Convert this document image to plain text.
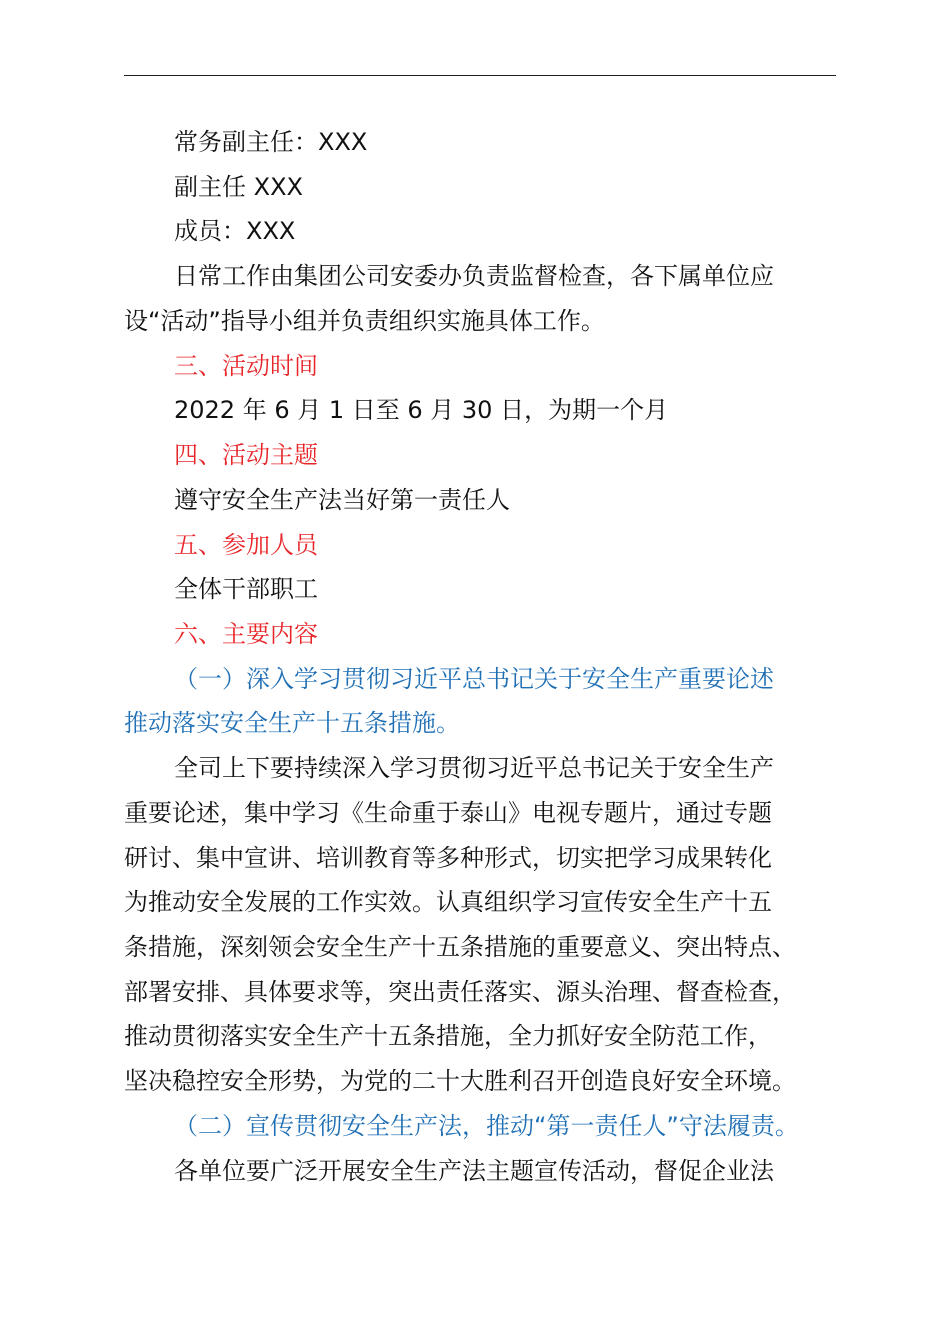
常务副主任：XXX
副主任 XXX
成员：XXX
日常工作由集团公司安委办负责监督检查，各下属单位应
设“活动”指导小组并负责组织实施具体工作。
三、活动时间
2022 年 6 月 1 日至 6 月 30 日，为期一个月
四、活动主题
遵守安全生产法当好第一责任人
五、参加人员
全体干部职工
六、主要内容
（一）深入学习贯彻习近平总书记关于安全生产重要论述
推动落实安全生产十五条措施。
全司上下要持续深入学习贯彻习近平总书记关于安全生产
重要论述，集中学习《生命重于泰山》电视专题片，通过专题
研讨、集中宣讲、培训教育等多种形式，切实把学习成果转化
为推动安全发展的工作实效。认真组织学习宣传安全生产十五
条措施，深刻领会安全生产十五条措施的重要意义、突出特点、
部署安排、具体要求等，突出责任落实、源头治理、督查检查，
推动贯彻落实安全生产十五条措施，全力抓好安全防范工作，
坚决稳控安全形势，为党的二十大胜利召开创造良好安全环境。
（二）宣传贯彻安全生产法，推动“第一责任人”守法履责。
各单位要广泛开展安全生产法主题宣传活动，督促企业法
